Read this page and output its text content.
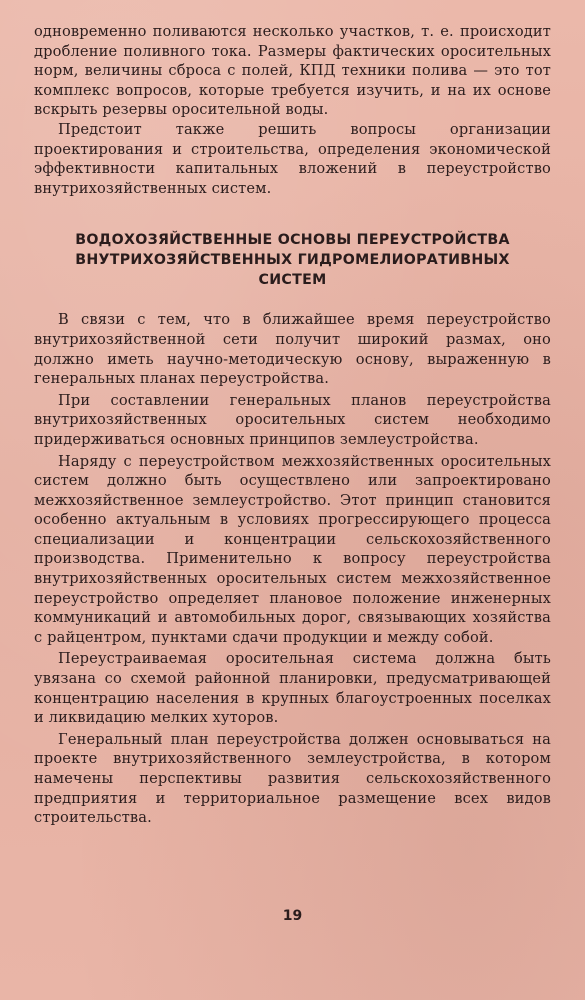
одновременно поливаются несколько участков, т. е. происходит дробление поливного тока. Размеры фактических оросительных норм, величины сброса с полей, КПД техники полива — это тот комплекс вопросов, которые требуется изучить, и на их основе вскрыть резервы оросительной воды.

Предстоит также решить вопросы организации проектирования и строительства, определения экономической эффективности капитальных вложений в переустройство внутрихозяйственных систем.

ВОДОХОЗЯЙСТВЕННЫЕ ОСНОВЫ ПЕРЕУСТРОЙСТВА
ВНУТРИХОЗЯЙСТВЕННЫХ ГИДРОМЕЛИОРАТИВНЫХ
СИСТЕМ

В связи с тем, что в ближайшее время переустройство внутрихозяйственной сети получит широкий размах, оно должно иметь научно-методическую основу, выраженную в генеральных планах переустройства.

При составлении генеральных планов переустройства внутрихозяйственных оросительных систем необходимо придерживаться основных принципов землеустройства.

Наряду с переустройством межхозяйственных оросительных систем должно быть осуществлено или запроектировано межхозяйственное землеустройство. Этот принцип становится особенно актуальным в условиях прогрессирующего процесса специализации и концентрации сельскохозяйственного производства. Применительно к вопросу переустройства внутрихозяйственных оросительных систем межхозяйственное переустройство определяет плановое положение инженерных коммуникаций и автомобильных дорог, связывающих хозяйства с райцентром, пунктами сдачи продукции и между собой.

Переустраиваемая оросительная система должна быть увязана со схемой районной планировки, предусматривающей концентрацию населения в крупных благоустроенных поселках и ликвидацию мелких хуторов.

Генеральный план переустройства должен основываться на проекте внутрихозяйственного землеустройства, в котором намечены перспективы развития сельскохозяйственного предприятия и территориальное размещение всех видов строительства.

19
